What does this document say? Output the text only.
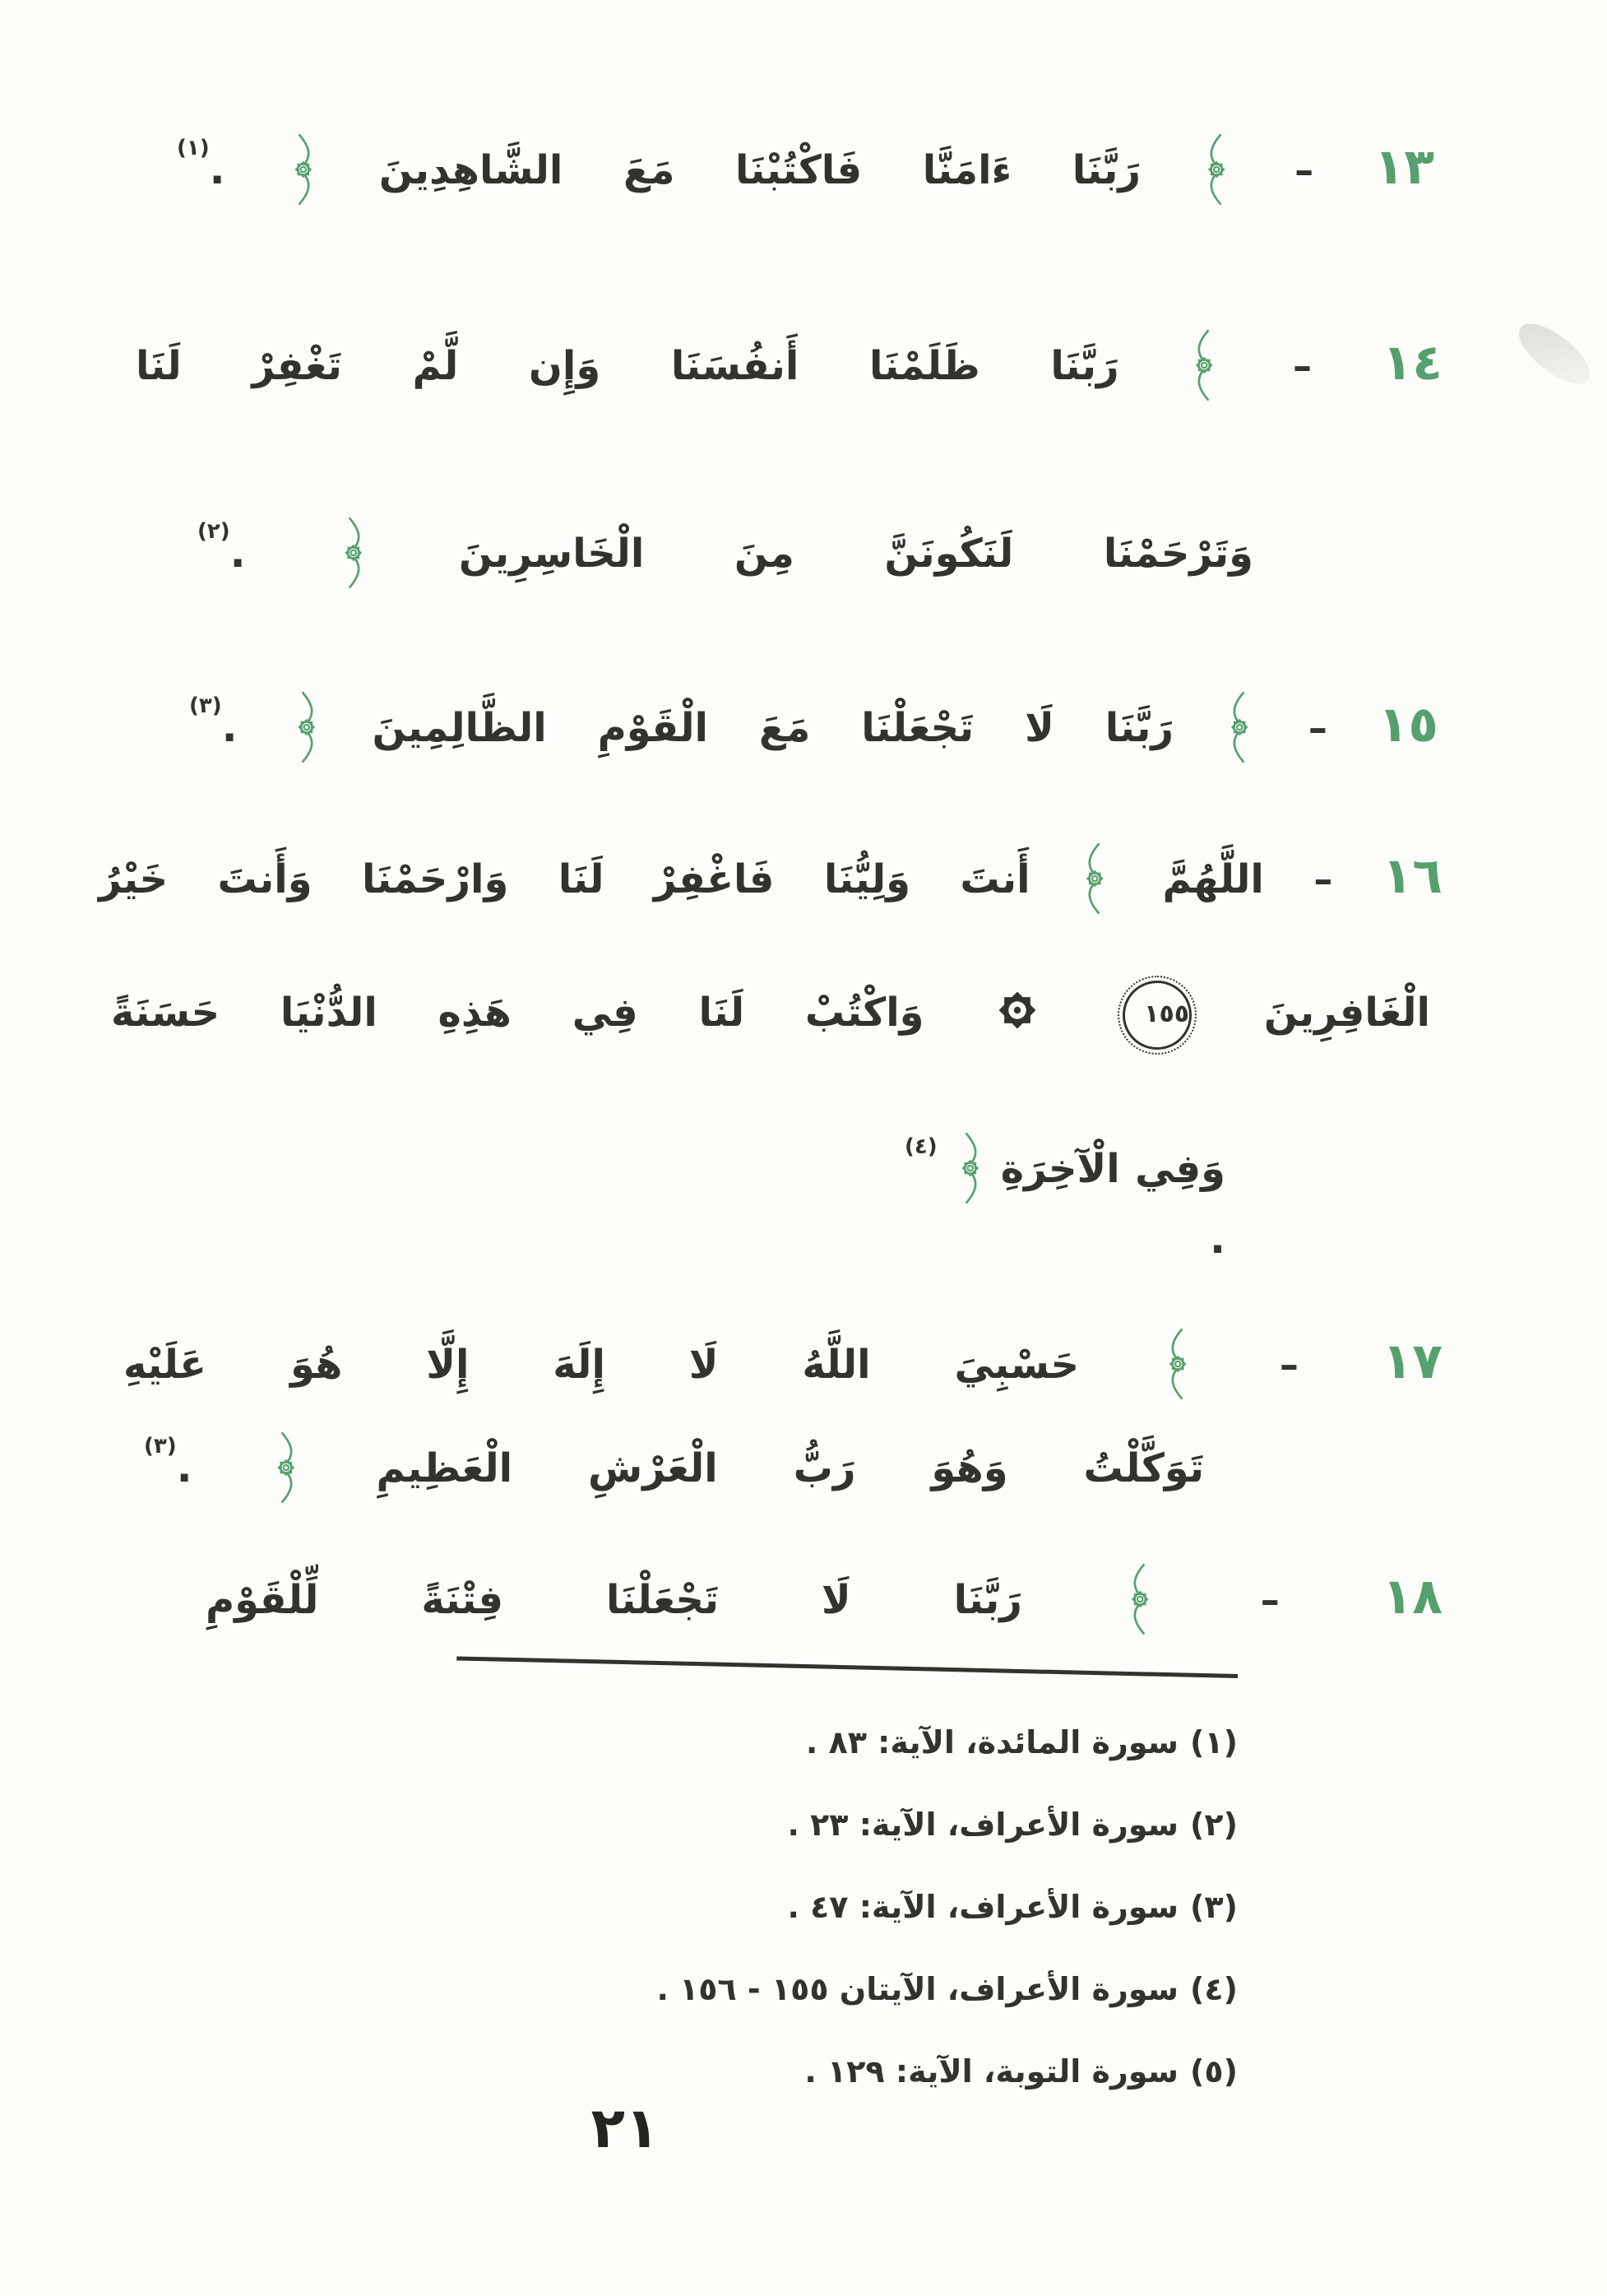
١٣ –  رَبَّنَا ءَامَنَّا فَاكْتُبْنَا مَعَ الشَّاهِدِينَ  .$^{(١)}$
١٤ –  رَبَّنَا ظَلَمْنَا أَنفُسَنَا وَإِن لَّمْ تَغْفِرْ لَنَا
وَتَرْحَمْنَا لَنَكُونَنَّ مِنَ الْخَاسِرِينَ  .$^{(٢)}$
١٥ –  رَبَّنَا لَا تَجْعَلْنَا مَعَ الْقَوْمِ الظَّالِمِينَ  .$^{(٣)}$
١٦ – اللَّهُمَّ  أَنتَ وَلِيُّنَا فَاغْفِرْ لَنَا وَارْحَمْنَا وَأَنتَ خَيْرُ
الْغَافِرِينَ ١٥٥  وَاكْتُبْ لَنَا فِي هَذِهِ الدُّنْيَا حَسَنَةً
وَفِي الْآخِرَةِ  $^{(٤)}$ .
١٧ –  حَسْبِيَ اللَّهُ لَا إِلَهَ إِلَّا هُوَ عَلَيْهِ
تَوَكَّلْتُ وَهُوَ رَبُّ الْعَرْشِ الْعَظِيمِ  .$^{(٣)}$
١٨ –  رَبَّنَا لَا تَجْعَلْنَا فِتْنَةً لِّلْقَوْمِ
(١)سورة المائدة، الآية: ٨٣ .
(٢)سورة الأعراف، الآية: ٢٣ .
(٣)سورة الأعراف، الآية: ٤٧ .
(٤)سورة الأعراف، الآيتان ١٥٥ - ١٥٦ .
(٥)سورة التوبة، الآية: ١٢٩ .
٢١
